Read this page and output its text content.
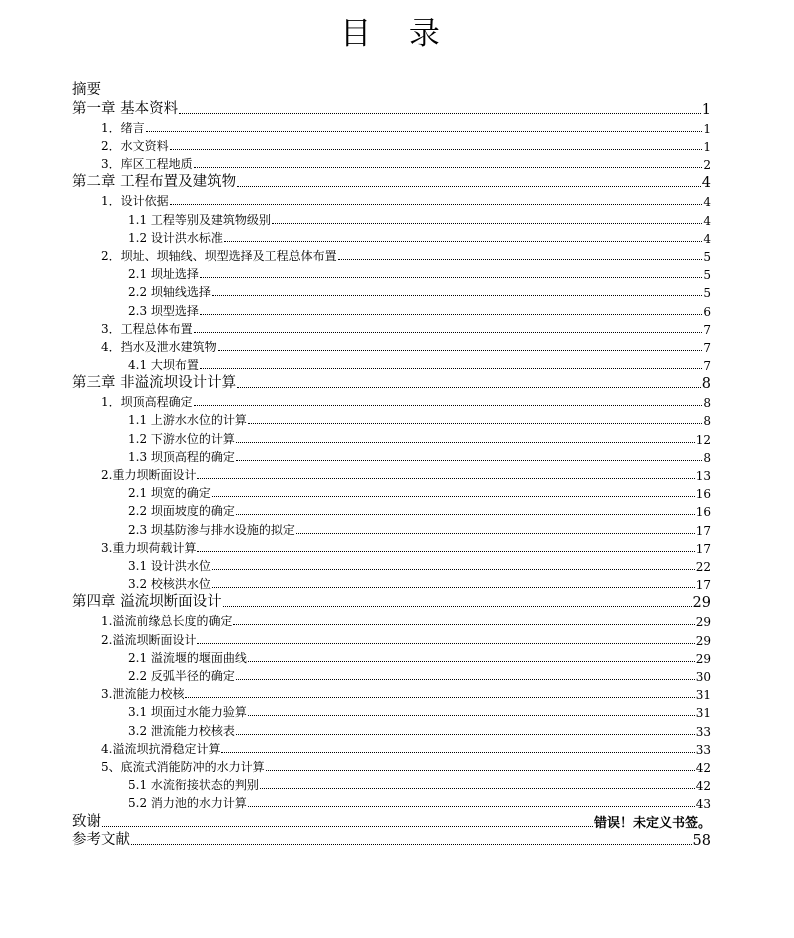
目 录
摘要
第一章 基本资料	1
1．绪言	1
2．水文资料	1
3．库区工程地质	2
第二章 工程布置及建筑物	4
1．设计依据	4
1.1 工程等别及建筑物级别	4
1.2 设计洪水标准	4
2．坝址、坝轴线、坝型选择及工程总体布置	5
2.1 坝址选择	5
2.2 坝轴线选择	5
2.3 坝型选择	6
3．工程总体布置	7
4．挡水及泄水建筑物	7
4.1 大坝布置	7
第三章 非溢流坝设计计算	8
1．坝顶高程确定	8
1.1 上游水水位的计算	8
1.2 下游水位的计算	12
1.3 坝顶高程的确定	8
2.重力坝断面设计	13
2.1 坝宽的确定	16
2.2 坝面坡度的确定	16
2.3 坝基防渗与排水设施的拟定	17
3.重力坝荷载计算	17
3.1 设计洪水位	22
3.2 校核洪水位	17
第四章 溢流坝断面设计	29
1.溢流前缘总长度的确定	29
2.溢流坝断面设计	29
2.1 溢流堰的堰面曲线	29
2.2 反弧半径的确定	30
3.泄流能力校核	31
3.1 坝面过水能力验算	31
3.2 泄流能力校核表	33
4.溢流坝抗滑稳定计算	33
5、底流式消能防冲的水力计算	42
5.1 水流衔接状态的判别	42
5.2 消力池的水力计算	43
致谢	错误！未定义书签。
参考文献	58
